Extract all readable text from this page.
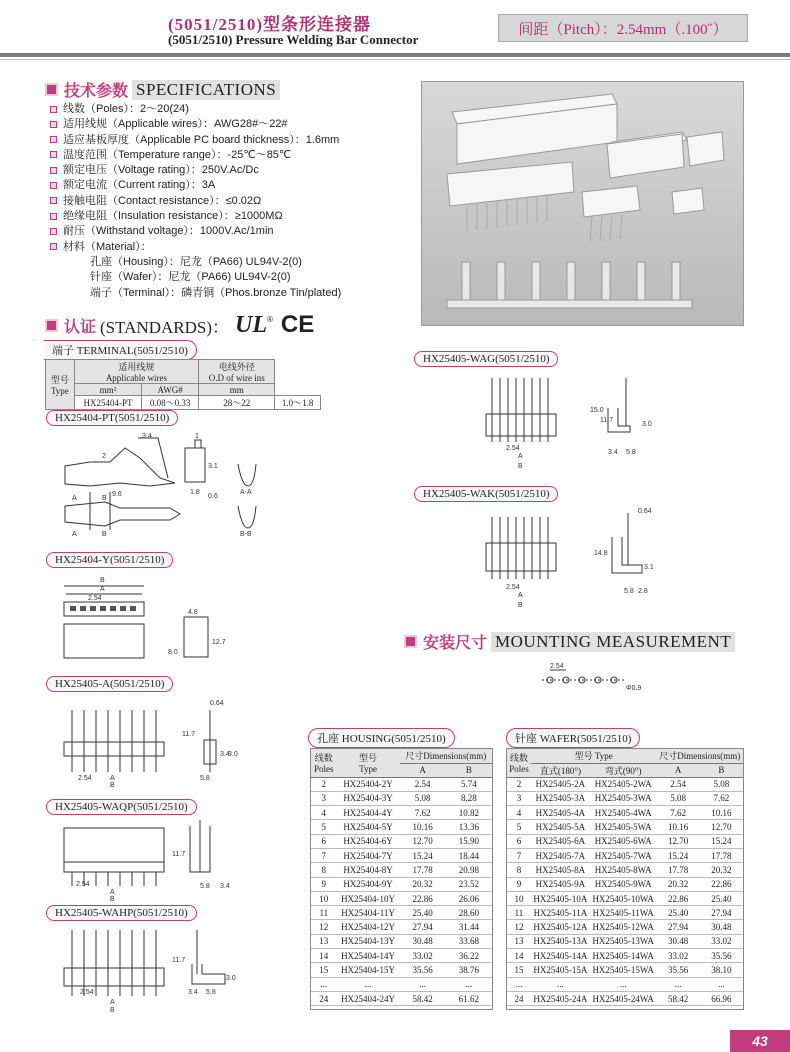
(5051/2510)型条形连接器
(5051/2510) Pressure Welding Bar Connector
间距（Pitch）：2.54mm（.100˝）
技术参数 SPECIFICATIONS
线数（Poles）：2～20(24)
适用线规（Applicable wires）：AWG28#～22#
适应基板厚度（Applicable PC board thickness）：1.6mm
温度范围（Temperature range）：-25℃～85℃
额定电压（Voltage rating）：250V.Ac/Dc
额定电流（Current rating）：3A
接触电阻（Contact resistance）：≤0.02Ω
绝缘电阻（Insulation resistance）：≥1000MΩ
耐压（Withstand voltage）：1000V.Ac/1min
材料（Material）：
孔座（Housing）：尼龙（PA66) UL94V-2(0)
针座（Wafer）：尼龙（PA66) UL94V-2(0)
端子（Terminal）：磷青铜（Phos.bronze Tin/plated)
认证 (STANDARDS)： UL ® CE
端子 TERMINAL(5051/2510)
型号
Type	适用线规
Applicable wires		电线外径
O.D of wire ins	
	mm²	AWG#	mm	
	HX25404-PT	0.08～0.33	28～22	1.0～1.8
HX25404-PT(5051/2510)
3.4
2
9.6
1
3.1
1.8
0.6
A
A
B
B
A-A
B-B
HX25404-Y(5051/2510)
B
A
2.54
4.8
8.0
12.7
HX25405-A(5051/2510)
0.64
11.7
2.54	A
B
3.4
3.0
5.8
HX25405-WAQP(5051/2510)
11.7
2.54
A
B
5.8 3.4
HX25405-WAHP(5051/2510)
11.7
2.54
A
B
3.4 5.8
3.0
HX25405-WAG(5051/2510)
15.0
11.7
3.0
2.54
A
B
3.4 5.8
HX25405-WAK(5051/2510)
0.64
14.8
3.1
2.54
A
B
5.8 2.8
安装尺寸 MOUNTING MEASUREMENT
2.54
Φ0.9
孔座 HOUSING(5051/2510)
线数
Poles	型号
Type	尺寸Dimensions(mm)	
		A	B
2	HX25404-2Y	2.54	5.74
3	HX25404-3Y	5.08	8.28
4	HX25404-4Y	7.62	10.82
5	HX25404-5Y	10.16	13.36
6	HX25404-6Y	12.70	15.90
7	HX25404-7Y	15.24	18.44
8	HX25404-8Y	17.78	20.98
9	HX25404-9Y	20.32	23.52
10	HX25404-10Y	22.86	26.06
11	HX25404-11Y	25.40	28.60
12	HX25404-12Y	27.94	31.44
13	HX25404-13Y	30.48	33.68
14	HX25404-14Y	33.02	36.22
15	HX25404-15Y	35.56	38.76
...	...	...	...
24	HX25404-24Y	58.42	61.62
针座 WAFER(5051/2510)
线数
Poles	型号 Type		尺寸Dimensions(mm)	
	直式(180°)	弯式(90°)	A	B
2	HX25405-2A	HX25405-2WA	2.54	5.08
3	HX25405-3A	HX25405-3WA	5.08	7.62
4	HX25405-4A	HX25405-4WA	7.62	10.16
5	HX25405-5A	HX25405-5WA	10.16	12.70
6	HX25405-6A	HX25405-6WA	12.70	15.24
7	HX25405-7A	HX25405-7WA	15.24	17.78
8	HX25405-8A	HX25405-8WA	17.78	20.32
9	HX25405-9A	HX25405-9WA	20.32	22.86
10	HX25405-10A	HX25405-10WA	22.86	25.40
11	HX25405-11A	HX25405-11WA	25.40	27.94
12	HX25405-12A	HX25405-12WA	27.94	30.48
13	HX25405-13A	HX25405-13WA	30.48	33.02
14	HX25405-14A	HX25405-14WA	33.02	35.56
15	HX25405-15A	HX25405-15WA	35.56	38.10
...	...	...	...	...
24	HX25405-24A	HX25405-24WA	58.42	66.96
43
